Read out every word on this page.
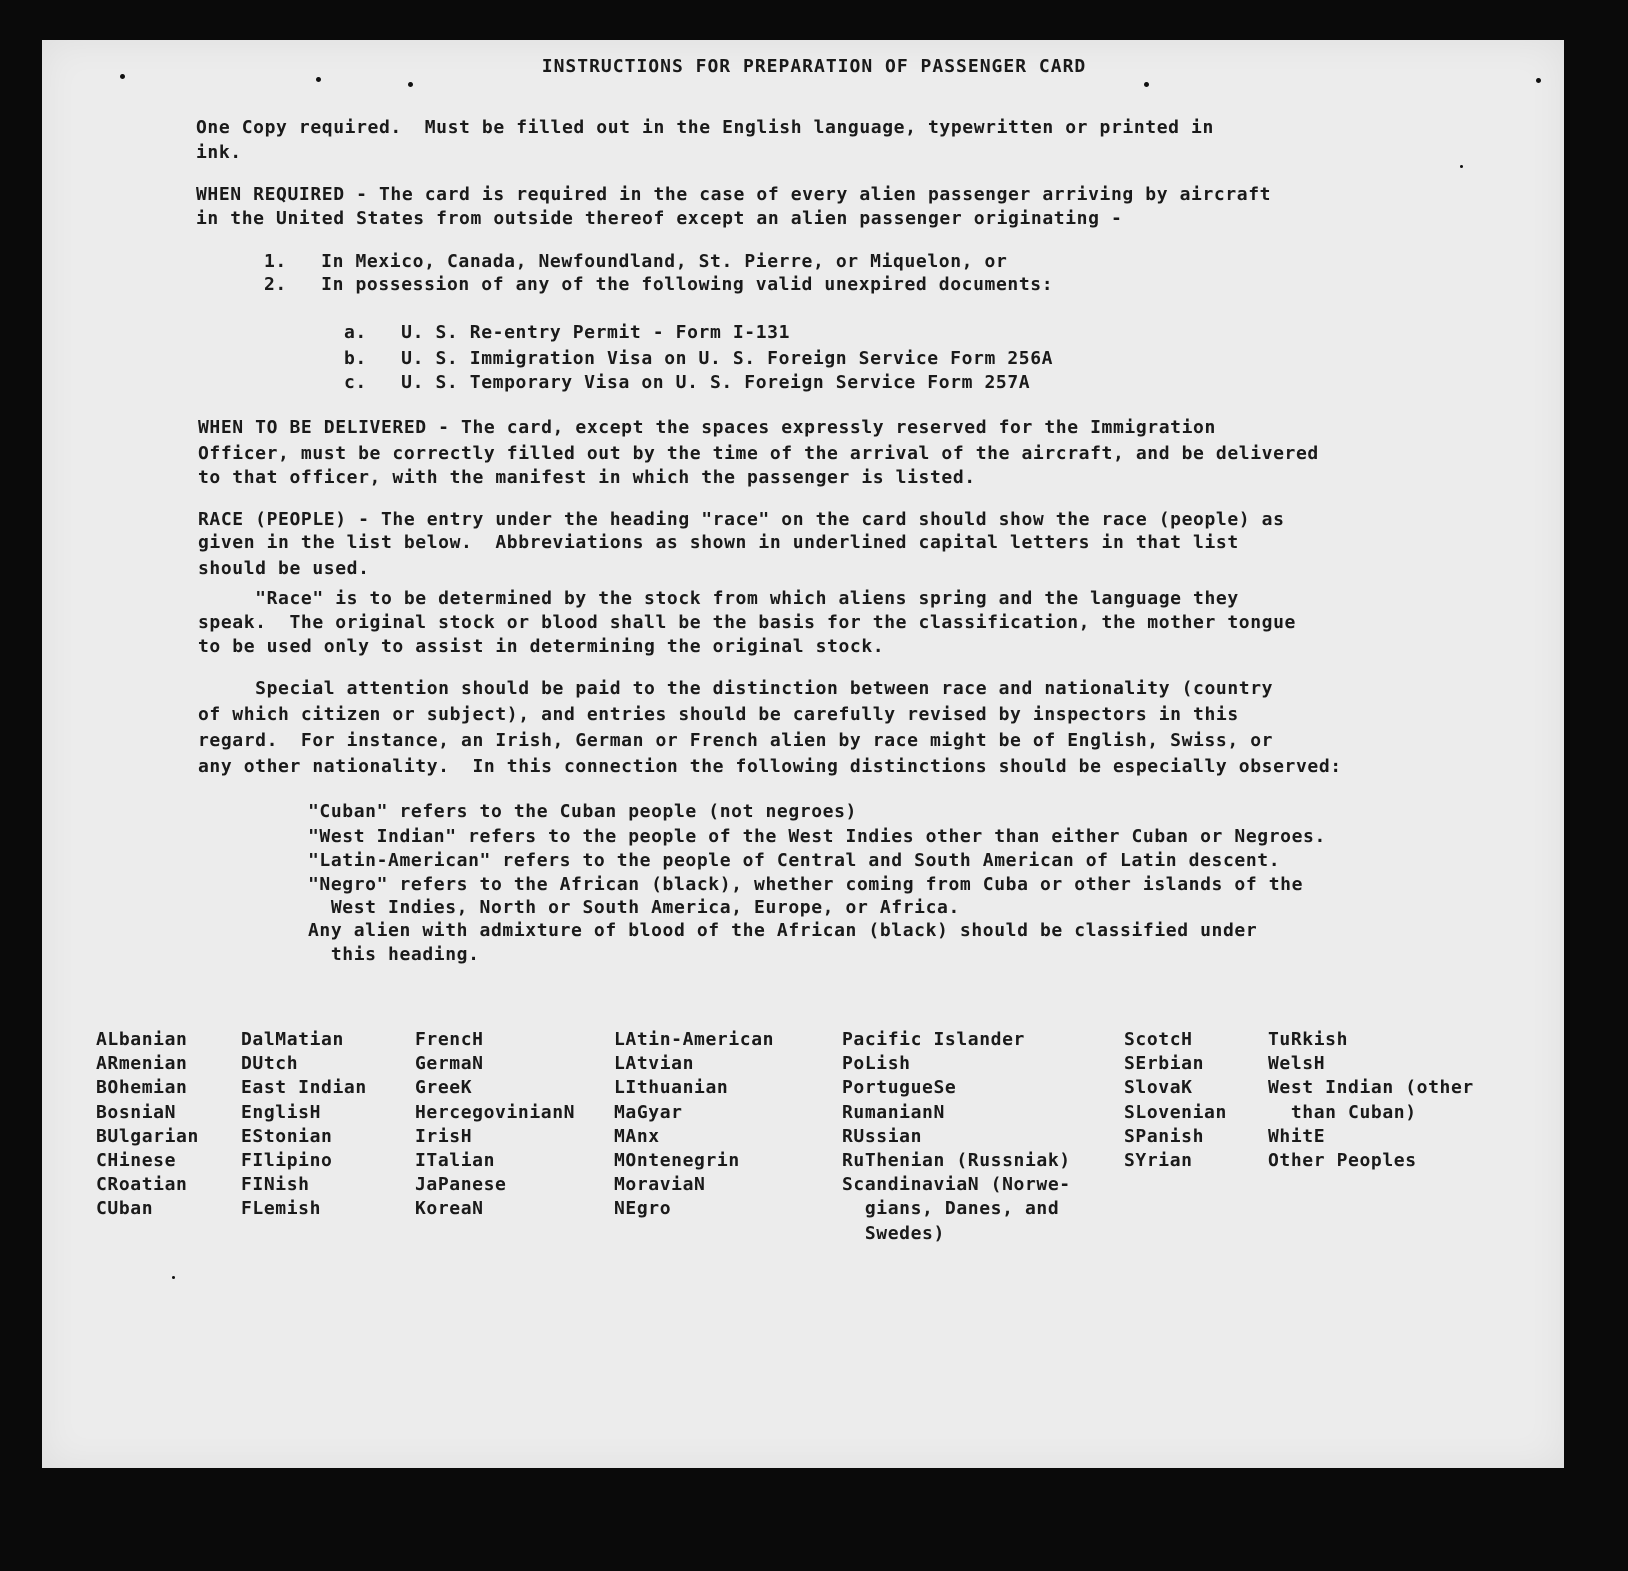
INSTRUCTIONS FOR PREPARATION OF PASSENGER CARD
One Copy required.  Must be filled out in the English language, typewritten or printed in
ink.
WHEN REQUIRED - The card is required in the case of every alien passenger arriving by aircraft
in the United States from outside thereof except an alien passenger originating -
1.   In Mexico, Canada, Newfoundland, St. Pierre, or Miquelon, or
2.   In possession of any of the following valid unexpired documents:
a.   U. S. Re-entry Permit - Form I-131
b.   U. S. Immigration Visa on U. S. Foreign Service Form 256A
c.   U. S. Temporary Visa on U. S. Foreign Service Form 257A
WHEN TO BE DELIVERED - The card, except the spaces expressly reserved for the Immigration
Officer, must be correctly filled out by the time of the arrival of the aircraft, and be delivered
to that officer, with the manifest in which the passenger is listed.
RACE (PEOPLE) - The entry under the heading "race" on the card should show the race (people) as
given in the list below.  Abbreviations as shown in underlined capital letters in that list
should be used.
"Race" is to be determined by the stock from which aliens spring and the language they
speak.  The original stock or blood shall be the basis for the classification, the mother tongue
to be used only to assist in determining the original stock.
Special attention should be paid to the distinction between race and nationality (country
of which citizen or subject), and entries should be carefully revised by inspectors in this
regard.  For instance, an Irish, German or French alien by race might be of English, Swiss, or
any other nationality.  In this connection the following distinctions should be especially observed:
"Cuban" refers to the Cuban people (not negroes)
"West Indian" refers to the people of the West Indies other than either Cuban or Negroes.
"Latin-American" refers to the people of Central and South American of Latin descent.
"Negro" refers to the African (black), whether coming from Cuba or other islands of the
West Indies, North or South America, Europe, or Africa.
Any alien with admixture of blood of the African (black) should be classified under
this heading.
ALbanian
ARmenian
BOhemian
BosniaN
BUlgarian
CHinese
CRoatian
CUban
DalMatian
DUtch
East Indian
EnglisH
EStonian
FIlipino
FINish
FLemish
FrencH
GermaN
GreeK
HercegovinianN
IrisH
ITalian
JaPanese
KoreaN
LAtin-American
LAtvian
LIthuanian
MaGyar
MAnx
MOntenegrin
MoraviaN
NEgro
Pacific Islander
PoLish
PortugueSe
RumanianN
RUssian
RuThenian (Russniak)
ScandinaviaN (Norwe-
gians, Danes, and
Swedes)
ScotcH
SErbian
SlovaK
SLovenian
SPanish
SYrian
TuRkish
WelsH
West Indian (other
than Cuban)
WhitE
Other Peoples
